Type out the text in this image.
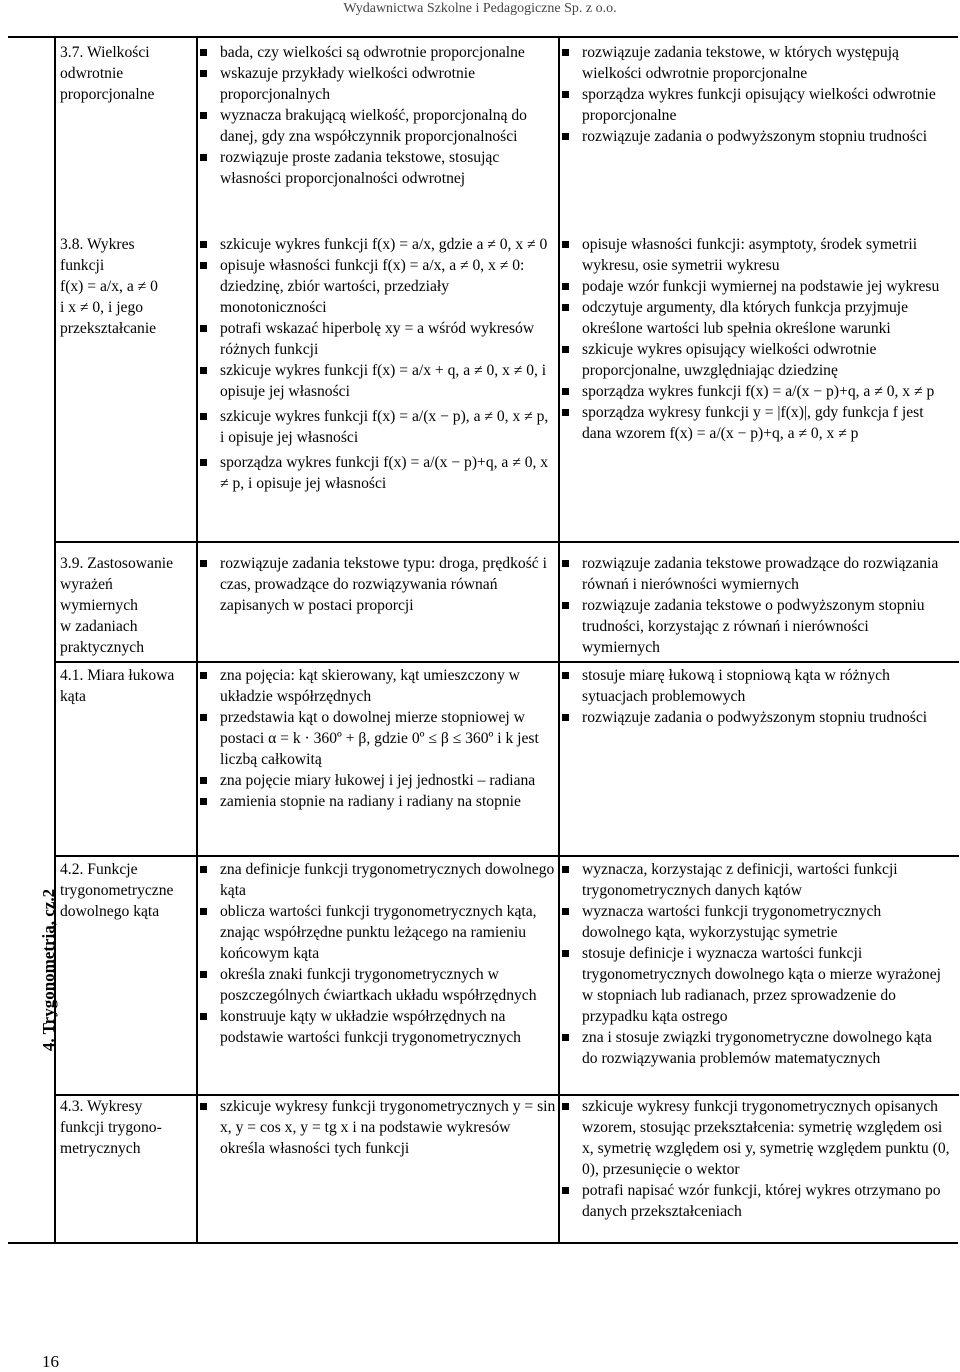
Wydawnictwa Szkolne i Pedagogiczne Sp. z o.o.
4. Trygonometria, cz.2
3.7. Wielkości
odwrotnie
proporcjonalne
bada, czy wielkości są odwrotnie proporcjonalne
wskazuje przykłady wielkości odwrotnie proporcjonalnych
wyznacza brakującą wielkość, proporcjonalną do danej, gdy zna współczynnik proporcjonalności
rozwiązuje proste zadania tekstowe, stosując własności proporcjonalności odwrotnej
rozwiązuje zadania tekstowe, w których występują wielkości odwrotnie proporcjonalne
sporządza wykres funkcji opisujący wielkości odwrotnie proporcjonalne
rozwiązuje zadania o podwyższonym stopniu trudności
3.8. Wykres
funkcji
f(x) = a/x, a ≠ 0
i x ≠ 0, i jego
przekształcanie
szkicuje wykres funkcji f(x) = a/x, gdzie a ≠ 0, x ≠ 0
opisuje własności funkcji f(x) = a/x, a ≠ 0, x ≠ 0: dziedzinę, zbiór wartości, przedziały monotoniczności
potrafi wskazać hiperbolę xy = a wśród wykresów różnych funkcji
szkicuje wykres funkcji f(x) = a/x + q, a ≠ 0, x ≠ 0, i opisuje jej własności
szkicuje wykres funkcji f(x) = a/(x − p), a ≠ 0, x ≠ p, i opisuje jej własności
sporządza wykres funkcji f(x) = a/(x − p)+q, a ≠ 0, x ≠ p, i opisuje jej własności
opisuje własności funkcji: asymptoty, środek symetrii wykresu, osie symetrii wykresu
podaje wzór funkcji wymiernej na podstawie jej wykresu
odczytuje argumenty, dla których funkcja przyjmuje określone wartości lub spełnia określone warunki
szkicuje wykres opisujący wielkości odwrotnie proporcjonalne, uwzględniając dziedzinę
sporządza wykres funkcji f(x) = a/(x − p)+q, a ≠ 0, x ≠ p
sporządza wykresy funkcji y = |f(x)|, gdy funkcja f jest dana wzorem f(x) = a/(x − p)+q, a ≠ 0, x ≠ p
3.9. Zastosowanie
wyrażeń
wymiernych
w zadaniach
praktycznych
rozwiązuje zadania tekstowe typu: droga, prędkość i czas, prowadzące do rozwiązywania równań zapisanych w postaci proporcji
rozwiązuje zadania tekstowe prowadzące do rozwiązania równań i nierówności wymiernych
rozwiązuje zadania tekstowe o podwyższonym stopniu trudności, korzystając z równań i nierówności wymiernych
4.1. Miara łukowa
kąta
zna pojęcia: kąt skierowany, kąt umieszczony w układzie współrzędnych
przedstawia kąt o dowolnej mierze stopniowej w postaci α = k · 360º + β, gdzie 0º ≤ β ≤ 360º i k jest liczbą całkowitą
zna pojęcie miary łukowej i jej jednostki – radiana
zamienia stopnie na radiany i radiany na stopnie
stosuje miarę łukową i stopniową kąta w różnych sytuacjach problemowych
rozwiązuje zadania o podwyższonym stopniu trudności
4.2. Funkcje
trygonometryczne
dowolnego kąta
zna definicje funkcji trygonometrycznych dowolnego kąta
oblicza wartości funkcji trygonometrycznych kąta, znając współrzędne punktu leżącego na ramieniu końcowym kąta
określa znaki funkcji trygonometrycznych w poszczególnych ćwiartkach układu współrzędnych
konstruuje kąty w układzie współrzędnych na podstawie wartości funkcji trygonometrycznych
wyznacza, korzystając z definicji, wartości funkcji trygonometrycznych danych kątów
wyznacza wartości funkcji trygonometrycznych dowolnego kąta, wykorzystując symetrie
stosuje definicje i wyznacza wartości funkcji trygonometrycznych dowolnego kąta o mierze wyrażonej w stopniach lub radianach, przez sprowadzenie do przypadku kąta ostrego
zna i stosuje związki trygonometryczne dowolnego kąta do rozwiązywania problemów matematycznych
4.3. Wykresy
funkcji trygono-
metrycznych
szkicuje wykresy funkcji trygonometrycznych y = sin x, y = cos x, y = tg x i na podstawie wykresów określa własności tych funkcji
szkicuje wykresy funkcji trygonometrycznych opisanych wzorem, stosując przekształcenia: symetrię względem osi x, symetrię względem osi y, symetrię względem punktu (0, 0), przesunięcie o wektor
potrafi napisać wzór funkcji, której wykres otrzymano po danych przekształceniach
16
